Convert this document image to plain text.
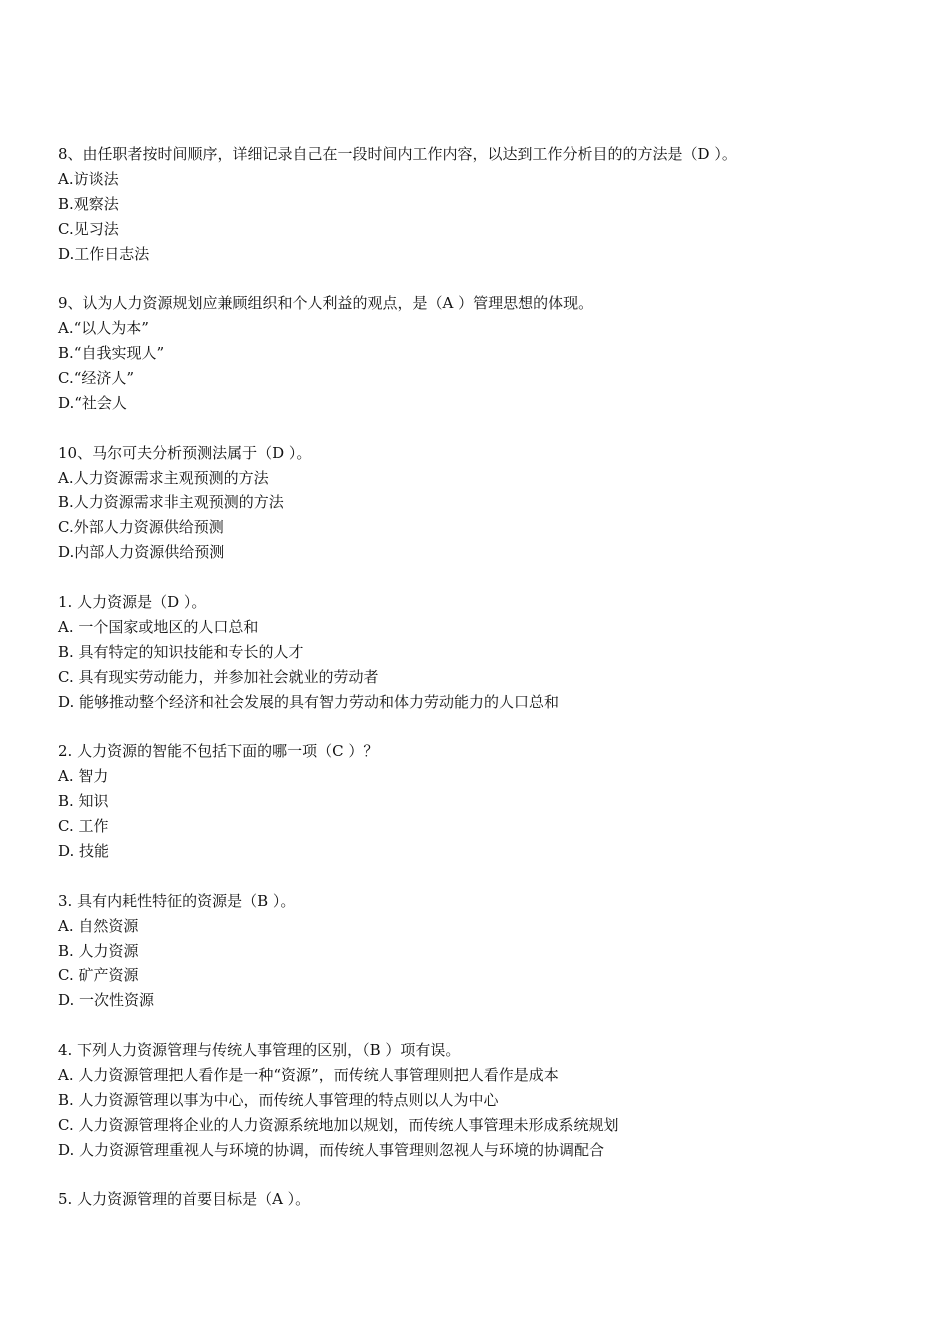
8、由任职者按时间顺序，详细记录自己在一段时间内工作内容，以达到工作分析目的的方法是（D ）。
A.访谈法
B.观察法
C.见习法
D.工作日志法
9、认为人力资源规划应兼顾组织和个人利益的观点，是（A ）管理思想的体现。
A.“以人为本”
B.“自我实现人”
C.“经济人”
D.“社会人
10、马尔可夫分析预测法属于（D ）。
A.人力资源需求主观预测的方法
B.人力资源需求非主观预测的方法
C.外部人力资源供给预测
D.内部人力资源供给预测
1. 人力资源是（D ）。
A. 一个国家或地区的人口总和
B. 具有特定的知识技能和专长的人才
C. 具有现实劳动能力，并参加社会就业的劳动者
D. 能够推动整个经济和社会发展的具有智力劳动和体力劳动能力的人口总和
2. 人力资源的智能不包括下面的哪一项（C ）？
A. 智力
B. 知识
C. 工作
D. 技能
3. 具有内耗性特征的资源是（B ）。
A. 自然资源
B. 人力资源
C. 矿产资源
D. 一次性资源
4. 下列人力资源管理与传统人事管理的区别，（B ）项有误。
A. 人力资源管理把人看作是一种“资源”，而传统人事管理则把人看作是成本
B. 人力资源管理以事为中心，而传统人事管理的特点则以人为中心
C. 人力资源管理将企业的人力资源系统地加以规划，而传统人事管理未形成系统规划
D. 人力资源管理重视人与环境的协调，而传统人事管理则忽视人与环境的协调配合
5. 人力资源管理的首要目标是（A ）。
